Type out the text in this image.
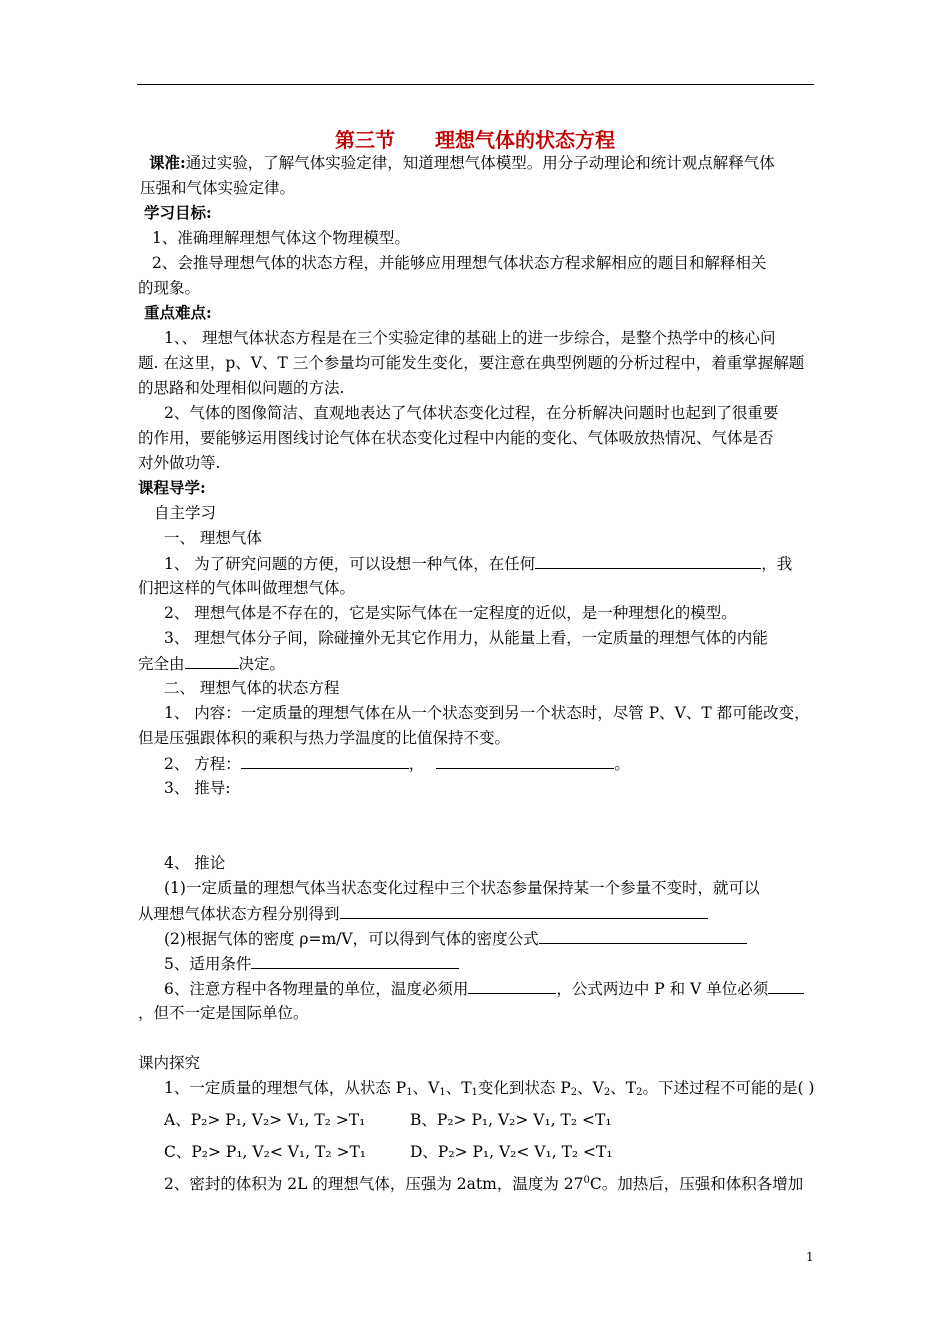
第三节 理想气体的状态方程
课准:通过实验，了解气体实验定律，知道理想气体模型。用分子动理论和统计观点解释气体
压强和气体实验定律。
学习目标:
1、准确理解理想气体这个物理模型。
2、会推导理想气体的状态方程，并能够应用理想气体状态方程求解相应的题目和解释相关
的现象。
重点难点:
1、、 理想气体状态方程是在三个实验定律的基础上的进一步综合，是整个热学中的核心问
题. 在这里，p、V、T 三个参量均可能发生变化，要注意在典型例题的分析过程中，着重掌握解题
的思路和处理相似问题的方法.
2、气体的图像简洁、直观地表达了气体状态变化过程，在分析解决问题时也起到了很重要
的作用，要能够运用图线讨论气体在状态变化过程中内能的变化、气体吸放热情况、气体是否
对外做功等.
课程导学:
自主学习
一、 理想气体
1、 为了研究问题的方便，可以设想一种气体，在任何	，我
们把这样的气体叫做理想气体。
2、 理想气体是不存在的，它是实际气体在一定程度的近似，是一种理想化的模型。
3、 理想气体分子间，除碰撞外无其它作用力，从能量上看，一定质量的理想气体的内能
完全由	决定。
二、 理想气体的状态方程
1、 内容：一定质量的理想气体在从一个状态变到另一个状态时，尽管 P、V、T 都可能改变，
但是压强跟体积的乘积与热力学温度的比值保持不变。
2、 方程：	，	。
3、 推导:
4、 推论
(1)一定质量的理想气体当状态变化过程中三个状态参量保持某一个参量不变时，就可以
从理想气体状态方程分别得到
(2)根据气体的密度 ρ=m/V，可以得到气体的密度公式
5、适用条件
6、注意方程中各物理量的单位，温度必须用	，公式两边中 P 和 V 单位必须
，但不一定是国际单位。
课内探究
1、一定质量的理想气体，从状态 $P_1$、$V_1$、$T_1$变化到状态 $P_2$、$V_2$、$T_2$。下述过程不可能的是( )
A、P₂> P₁, V₂> V₁, T₂ >T₁	B、P₂> P₁, V₂> V₁, T₂ <T₁
C、P₂> P₁, V₂< V₁, T₂ >T₁	D、P₂> P₁, V₂< V₁, T₂ <T₁
2、密封的体积为 2L 的理想气体，压强为 2atm，温度为 $27^0C$。加热后，压强和体积各增加
1
